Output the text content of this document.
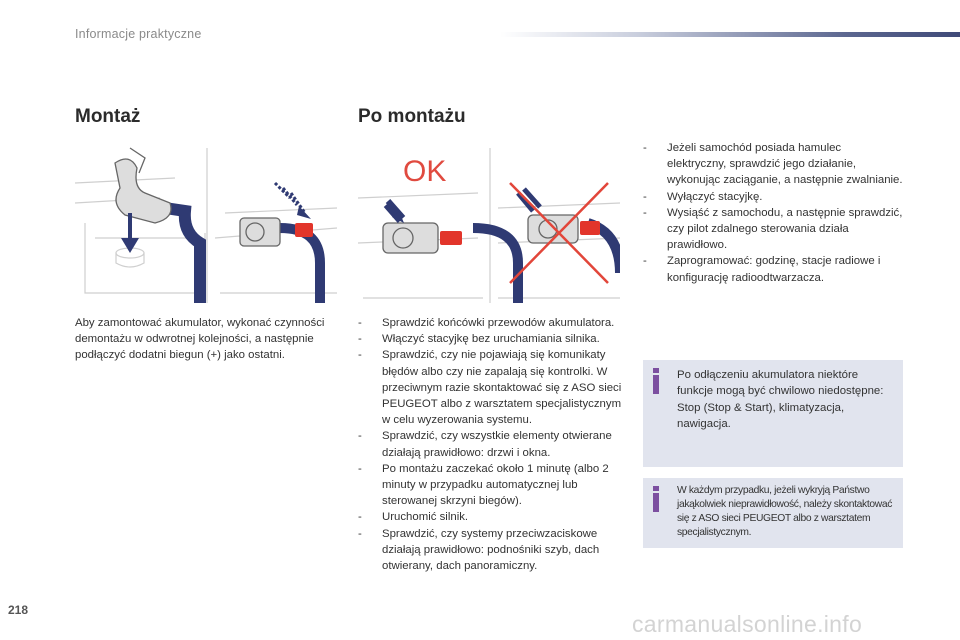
Informacje praktyczne
Montaż	Po montażu
OK

Aby zamontować akumulator, wykonać czynności demontażu w odwrotnej kolejności, a następnie podłączyć dodatni biegun (+) jako ostatni.

- Sprawdzić końcówki przewodów akumulatora.
- Włączyć stacyjkę bez uruchamiania silnika.
- Sprawdzić, czy nie pojawiają się komunikaty błędów albo czy nie zapalają się kontrolki. W przeciwnym razie skontaktować się z ASO sieci PEUGEOT albo z warsztatem specjalistycznym w celu wyzerowania systemu.
- Sprawdzić, czy wszystkie elementy otwierane działają prawidłowo: drzwi i okna.
- Po montażu zaczekać około 1 minutę (albo 2 minuty w przypadku automatycznej lub sterowanej skrzyni biegów).
- Uruchomić silnik.
- Sprawdzić, czy systemy przeciwzaciskowe działają prawidłowo: podnośniki szyb, dach otwierany, dach panoramiczny.
- Jeżeli samochód posiada hamulec elektryczny, sprawdzić jego działanie, wykonując zaciąganie, a następnie zwalnianie.
- Wyłączyć stacyjkę.
- Wysiąść z samochodu, a następnie sprawdzić, czy pilot zdalnego sterowania działa prawidłowo.
- Zaprogramować: godzinę, stacje radiowe i konfigurację radioodtwarzacza.
Po odłączeniu akumulatora niektóre funkcje mogą być chwilowo niedostępne: Stop (Stop & Start), klimatyzacja, nawigacja.
W każdym przypadku, jeżeli wykryją Państwo jakąkolwiek nieprawidłowość, należy skontaktować się z ASO sieci PEUGEOT albo z warsztatem specjalistycznym.
218
carmanualsonline.info
